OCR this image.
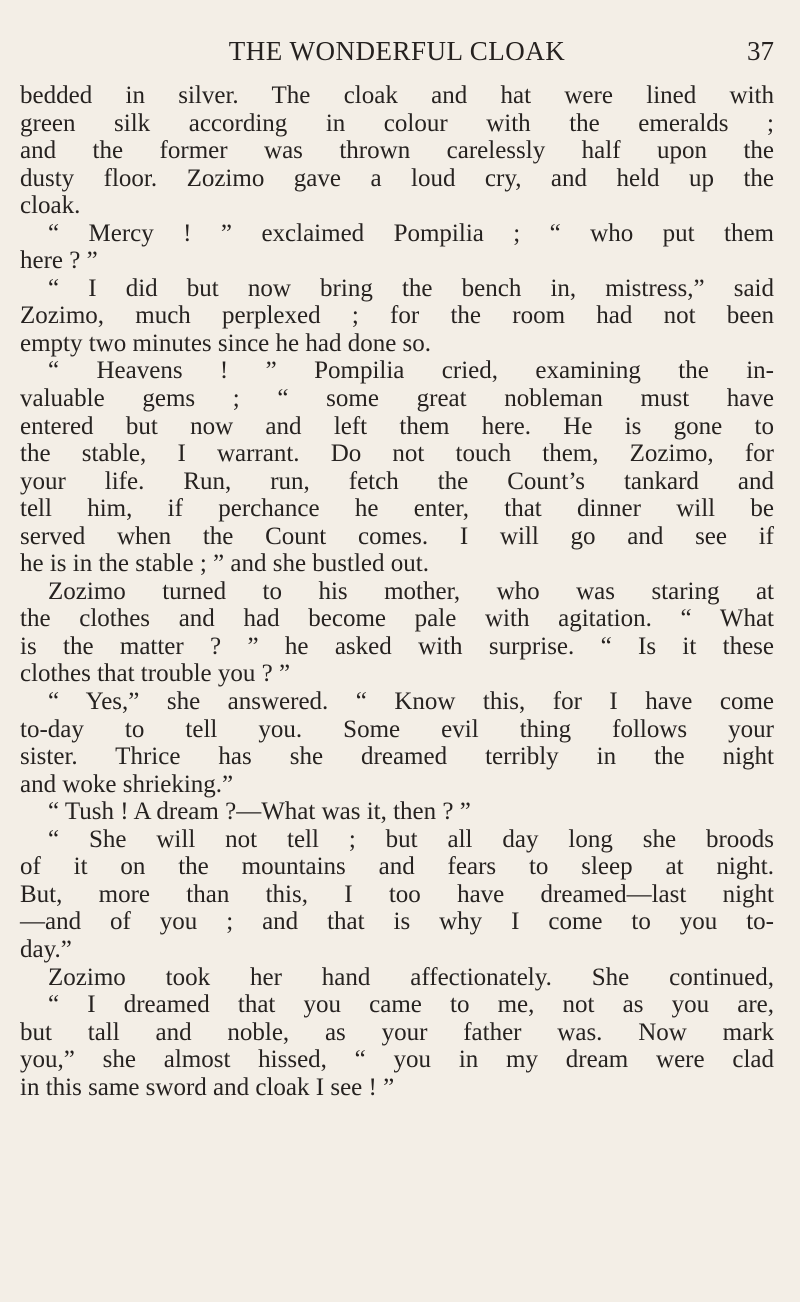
THE WONDERFUL CLOAK	37
bedded in silver. The cloak and hat were lined with
green silk according in colour with the emeralds ;
and the former was thrown carelessly half upon the
dusty floor. Zozimo gave a loud cry, and held up the
cloak.
“ Mercy ! ” exclaimed Pompilia ; “ who put them
here ? ”
“ I did but now bring the bench in, mistress,” said
Zozimo, much perplexed ; for the room had not been
empty two minutes since he had done so.
“ Heavens ! ” Pompilia cried, examining the in-
valuable gems ; “ some great nobleman must have
entered but now and left them here. He is gone to
the stable, I warrant. Do not touch them, Zozimo, for
your life. Run, run, fetch the Count’s tankard and
tell him, if perchance he enter, that dinner will be
served when the Count comes. I will go and see if
he is in the stable ; ” and she bustled out.
Zozimo turned to his mother, who was staring at
the clothes and had become pale with agitation. “ What
is the matter ? ” he asked with surprise. “ Is it these
clothes that trouble you ? ”
“ Yes,” she answered. “ Know this, for I have come
to-day to tell you. Some evil thing follows your
sister. Thrice has she dreamed terribly in the night
and woke shrieking.”
“ Tush ! A dream ?—What was it, then ? ”
“ She will not tell ; but all day long she broods
of it on the mountains and fears to sleep at night.
But, more than this, I too have dreamed—last night
—and of you ; and that is why I come to you to-
day.”
Zozimo took her hand affectionately. She continued,
“ I dreamed that you came to me, not as you are,
but tall and noble, as your father was. Now mark
you,” she almost hissed, “ you in my dream were clad
in this same sword and cloak I see ! ”
